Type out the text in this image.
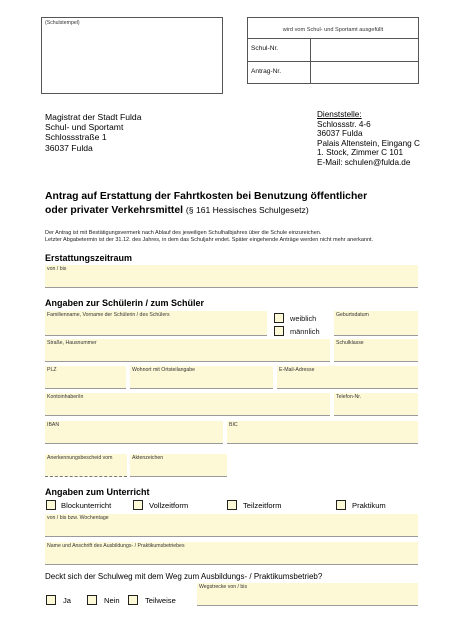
(Schulstempel)
wird vom Schul- und Sportamt ausgefüllt
Schul-Nr.
Antrag-Nr.
Magistrat der Stadt Fulda
Schul- und Sportamt
Schlossstraße 1
36037 Fulda
Dienststelle:
Schlossstr. 4-6
36037 Fulda
Palais Altenstein, Eingang C
1. Stock, Zimmer C 101
E-Mail: schulen@fulda.de
Antrag auf Erstattung der Fahrtkosten bei Benutzung öffentlicher
oder privater Verkehrsmittel (§ 161 Hessisches Schulgesetz)
Der Antrag ist mit Bestätigungsvermerk nach Ablauf des jeweiligen Schulhalbjahres über die Schule einzureichen.
Letzter Abgabetermin ist der 31.12. des Jahres, in dem das Schuljahr endet. Später eingehende Anträge werden nicht mehr anerkannt.
Erstattungszeitraum
von / bis
Angaben zur Schülerin / zum Schüler
Familienname, Vorname der Schülerin / des Schülers	weiblich
männlich
Geburtsdatum
Straße, Hausnummer	Schulklasse
PLZ	Wohnort mit Ortsteilangabe	E-Mail-Adresse
Kontoinhaber/in	Telefon-Nr.
IBAN	BIC
Anerkennungsbescheid vom	Aktenzeichen
Angaben zum Unterricht
Blockunterricht	Vollzeitform	Teilzeitform	Praktikum
von / bis bzw. Wochentage
Name und Anschrift des Ausbildungs- / Praktikumsbetriebes
Deckt sich der Schulweg mit dem Weg zum Ausbildungs- / Praktikumsbetrieb?
Ja	Nein	Teilweise
Wegstrecke von / bis
